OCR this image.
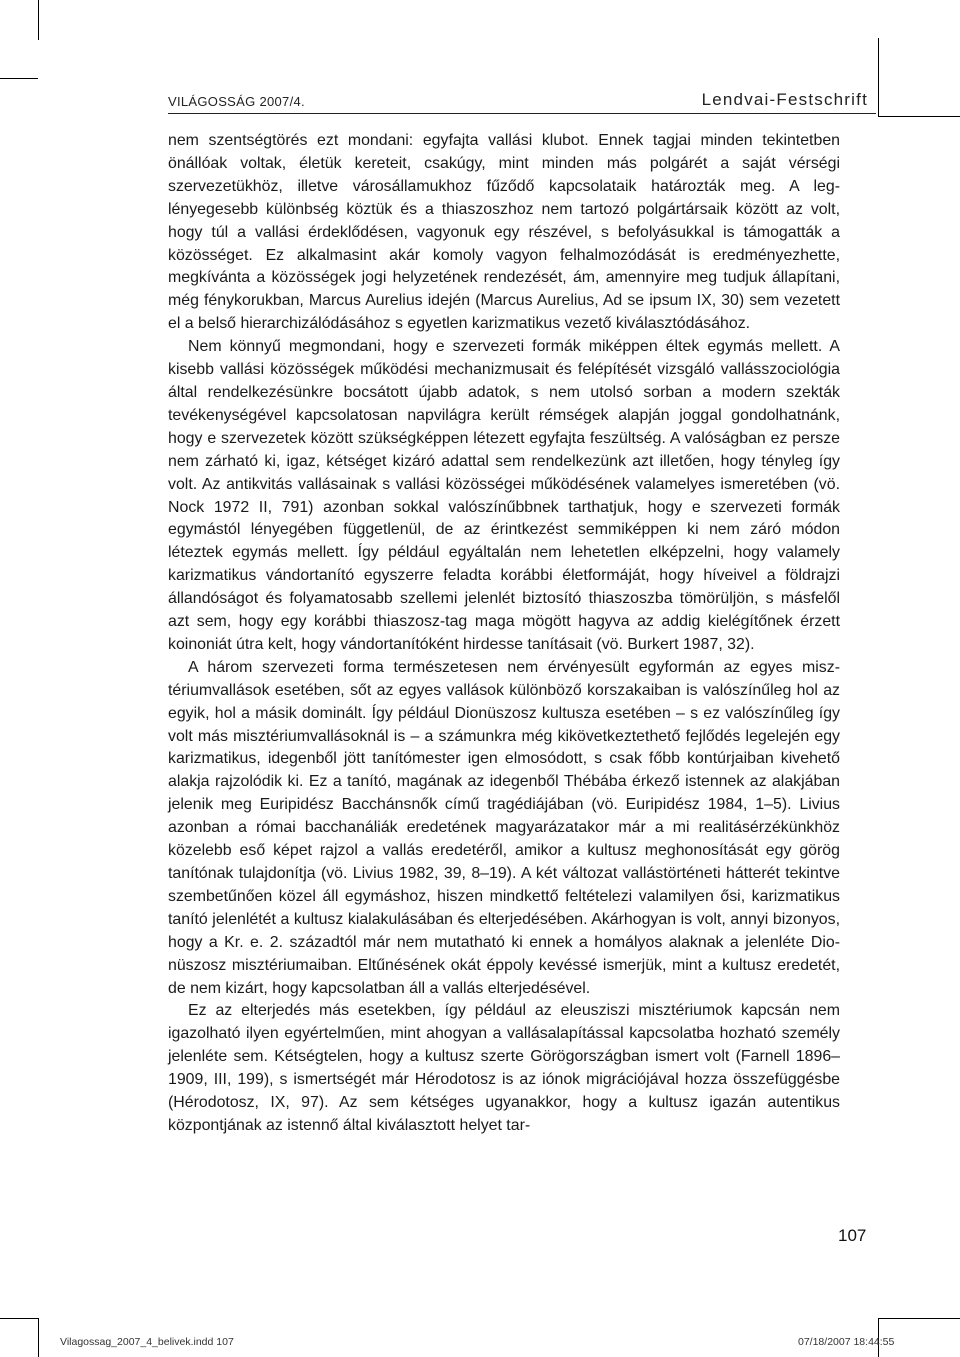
VILÁGOSSÁG 2007/4.	Lendvai-Festschrift

nem szentségtörés ezt mondani: egyfajta vallási klubot. Ennek tagjai minden tekintetben önállóak voltak, életük kereteit, csakúgy, mint minden más polgárét a saját vérségi szervezetükhöz, illetve városállamukhoz fűződő kapcsolataik határozták meg. A leglényegesebb különbség köztük és a thiaszoszhoz nem tartozó polgártársaik között az volt, hogy túl a vallási érdeklődésen, vagyonuk egy részével, s befolyásukkal is támogatták a közösséget. Ez alkalmasint akár komoly vagyon felhalmozódását is eredményezhette, megkívánta a közösségek jogi helyzetének rendezését, ám, amennyire meg tudjuk állapítani, még fénykorukban, Marcus Aurelius idején (Marcus Aurelius, Ad se ipsum IX, 30) sem vezetett el a belső hierarchizálódásához s egyetlen karizmatikus vezető kiválasztódásához.

Nem könnyű megmondani, hogy e szervezeti formák miképpen éltek egymás mellett. A kisebb vallási közösségek működési mechanizmusait és felépítését vizsgáló vallásszociológia által rendelkezésünkre bocsátott újabb adatok, s nem utolsó sorban a modern szekták tevékenységével kapcsolatosan napvilágra került rémségek alapján joggal gondolhatnánk, hogy e szervezetek között szükségképpen létezett egyfajta feszültség. A valóságban ez persze nem zárható ki, igaz, kétséget kizáró adattal sem rendelkezünk azt illetően, hogy tényleg így volt. Az antikvitás vallásainak s vallási közösségei működésének valamelyes ismeretében (vö. Nock 1972 II, 791) azonban sokkal valószínűbbnek tarthatjuk, hogy e szervezeti formák egymástól lényegében függetlenül, de az érintkezést semmiképpen ki nem záró módon léteztek egymás mellett. Így például egyáltalán nem lehetetlen elképzelni, hogy valamely karizmatikus vándortanító egyszerre feladta korábbi életformáját, hogy híveivel a földrajzi állandóságot és folyamatosabb szellemi jelenlét biztosító thiaszoszba tömörüljön, s másfelől azt sem, hogy egy korábbi thiaszosz-tag maga mögött hagyva az addig kielégítőnek érzett koinoniát útra kelt, hogy vándortanítóként hirdesse tanításait (vö. Burkert 1987, 32).

A három szervezeti forma természetesen nem érvényesült egyformán az egyes misztériumvallások esetében, sőt az egyes vallások különböző korszakaiban is valószínűleg hol az egyik, hol a másik dominált. Így például Dionüszosz kultusza esetében – s ez valószínűleg így volt más misztériumvallásoknál is – a számunkra még kikövetkeztethető fejlődés legelején egy karizmatikus, idegenből jött tanítómester igen elmosódott, s csak főbb kontúrjaiban kivehető alakja rajzolódik ki. Ez a tanító, magának az idegenből Thébába érkező istennek az alakjában jelenik meg Euripidész Bacchánsnők című tragédiájában (vö. Euripidész 1984, 1–5). Livius azonban a római bacchanáliák eredetének magyarázatakor már a mi realitásérzékünkhöz közelebb eső képet rajzol a vallás eredetéről, amikor a kultusz meghonosítását egy görög tanítónak tulajdonítja (vö. Livius 1982, 39, 8–19). A két változat vallástörténeti hátterét tekintve szembetűnően közel áll egymáshoz, hiszen mindkettő feltételezi valamilyen ősi, karizmatikus tanító jelenlétét a kultusz kialakulásában és elterjedésében. Akárhogyan is volt, annyi bizonyos, hogy a Kr. e. 2. századtól már nem mutatható ki ennek a homályos alaknak a jelenléte Dionüszosz misztériumaiban. Eltűnésének okát éppoly kevéssé ismerjük, mint a kultusz eredetét, de nem kizárt, hogy kapcsolatban áll a vallás elterjedésével.

Ez az elterjedés más esetekben, így például az eleusziszi misztériumok kapcsán nem igazolható ilyen egyértelműen, mint ahogyan a vallásalapítással kapcsolatba hozható személy jelenléte sem. Kétségtelen, hogy a kultusz szerte Görögországban ismert volt (Farnell 1896–1909, III, 199), s ismertségét már Hérodotosz is az iónok migrációjával hozza összefüggésbe (Hérodotosz, IX, 97). Az sem kétséges ugyanakkor, hogy a kultusz igazán autentikus központjának az istennő által kiválasztott helyet tar-

107
Vilagossag_2007_4_belivek.indd 107	07/18/2007 18:44:55
